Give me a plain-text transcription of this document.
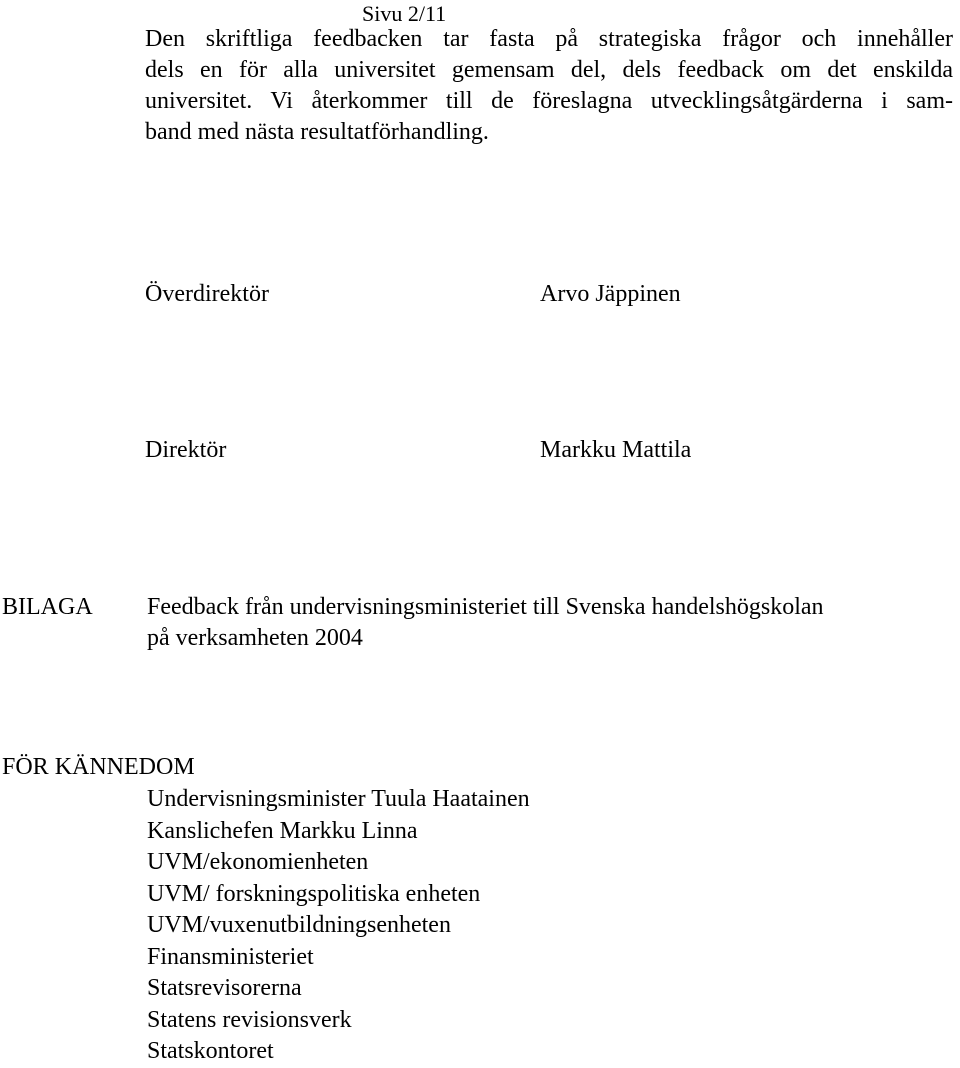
Sivu 2/11
Den skriftliga feedbacken tar fasta på strategiska frågor och innehåller
dels en för alla universitet gemensam del, dels feedback om det enskilda
universitet. Vi återkommer till de föreslagna utvecklingsåtgärderna i sam-
band med nästa resultatförhandling.
Överdirektör	Arvo Jäppinen
Direktör	Markku Mattila
BILAGA Feedback från undervisningsministeriet till Svenska handelshögskolan
på verksamheten 2004
FÖR KÄNNEDOM
Undervisningsminister Tuula Haatainen
Kanslichefen Markku Linna
UVM/ekonomienheten
UVM/ forskningspolitiska enheten
UVM/vuxenutbildningsenheten
Finansministeriet
Statsrevisorerna
Statens revisionsverk
Statskontoret
